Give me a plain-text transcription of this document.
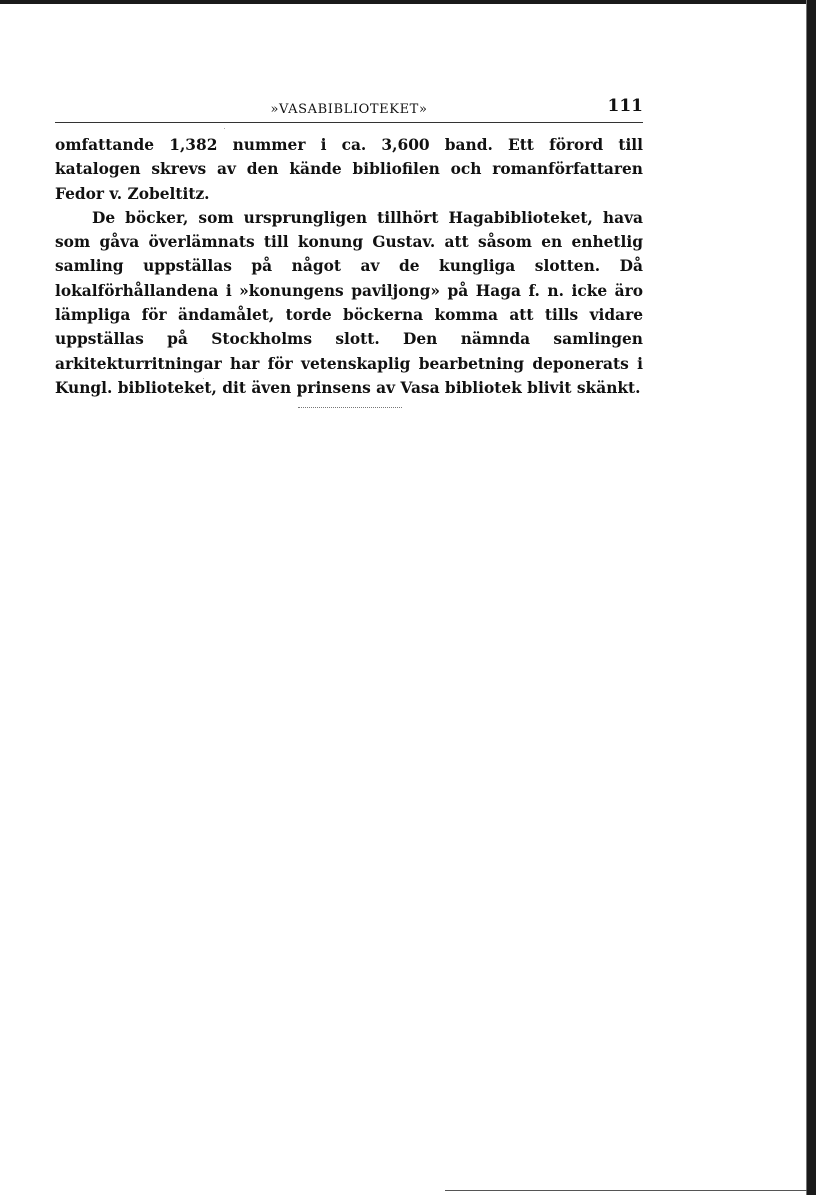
»VASABIBLIOTEKET»	111

omfattande 1,382 nummer i ca. 3,600 band. Ett förord till katalogen skrevs av den kände bibliofilen och romanförfattaren Fedor v. Zobeltitz.

De böcker, som ursprungligen tillhört Hagabiblioteket, hava som gåva överlämnats till konung Gustav. att såsom en enhetlig samling uppställas på något av de kungliga slotten. Då lokalförhållandena i »konungens paviljong» på Haga f. n. icke äro lämpliga för ändamålet, torde böckerna komma att tills vidare uppställas på Stockholms slott. Den nämnda samlingen arkitekturritningar har för vetenskaplig bearbetning deponerats i Kungl. biblioteket, dit även prinsens av Vasa bibliotek blivit skänkt.
